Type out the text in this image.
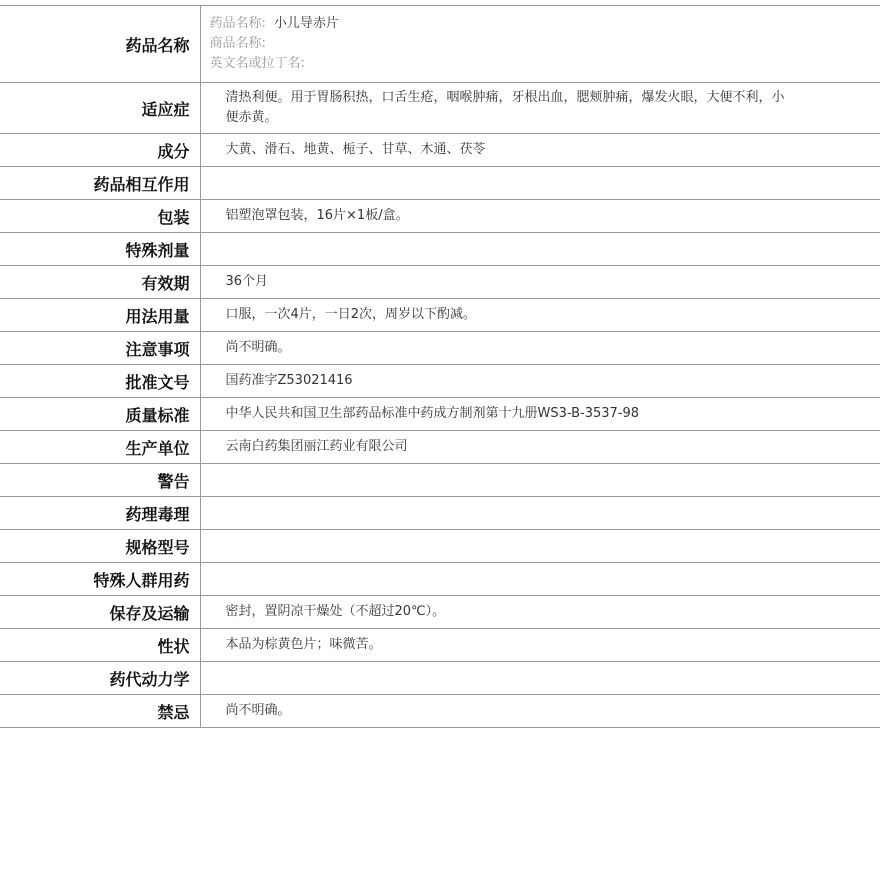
药品名称	药品名称: 小儿导赤片
商品名称:
英文名或拉丁名:

适应症	清热利便。用于胃肠积热，口舌生疮，咽喉肿痛，牙根出血，腮颊肿痛，爆发火眼，大便不利，小便赤黄。
成分	大黄、滑石、地黄、栀子、甘草、木通、茯苓
药品相互作用	
包装	铝塑泡罩包装，16片×1板/盒。
特殊剂量	
有效期	36个月
用法用量	口服，一次4片，一日2次，周岁以下酌减。
注意事项	尚不明确。
批准文号	国药准字Z53021416
质量标准	中华人民共和国卫生部药品标准中药成方制剂第十九册WS3-B-3537-98
生产单位	云南白药集团丽江药业有限公司
警告	
药理毒理	
规格型号	
特殊人群用药	
保存及运输	密封，置阴凉干燥处（不超过20℃）。
性状	本品为棕黄色片；味微苦。
药代动力学	
禁忌	尚不明确。
